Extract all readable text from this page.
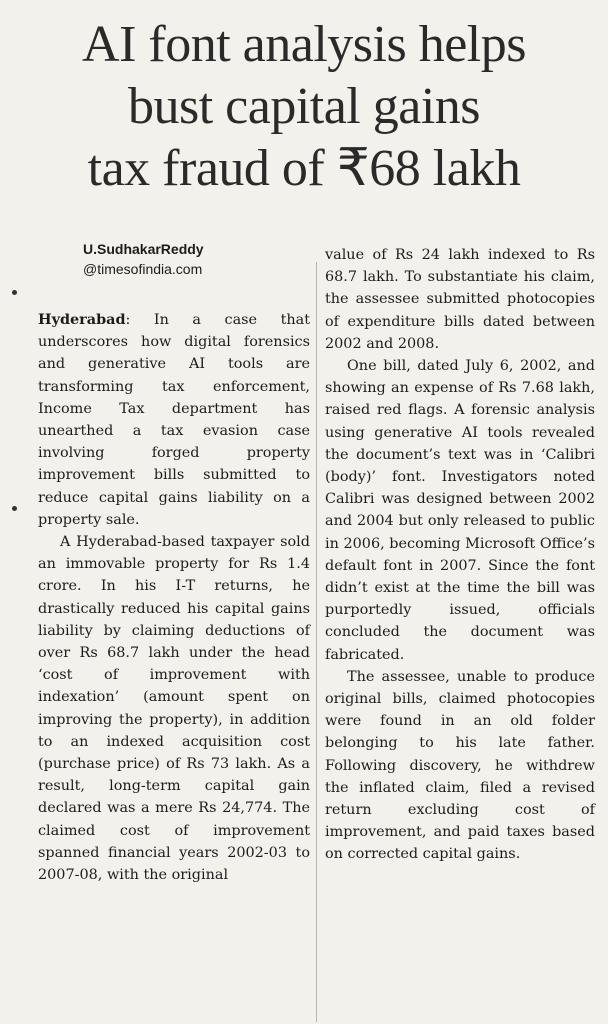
AI font analysis helps
bust capital gains
tax fraud of ₹68 lakh
U.SudhakarReddy
@timesofindia.com

Hyderabad: In a case that underscores how digital forensics and generative AI tools are transforming tax enforcement, Income Tax department has unearthed a tax evasion case involving forged property improvement bills submitted to reduce capital gains liability on a property sale.

A Hyderabad-based taxpayer sold an immovable property for Rs 1.4 crore. In his I-T returns, he drastically reduced his capital gains liability by claiming deductions of over Rs 68.7 lakh under the head ‘cost of improvement with indexation’ (amount spent on improving the property), in addition to an indexed acquisition cost (purchase price) of Rs 73 lakh. As a result, long-term capital gain declared was a mere Rs 24,774. The claimed cost of improvement spanned financial years 2002-03 to 2007-08, with the original

value of Rs 24 lakh indexed to Rs 68.7 lakh. To substantiate his claim, the assessee submitted photocopies of expenditure bills dated between 2002 and 2008.

One bill, dated July 6, 2002, and showing an expense of Rs 7.68 lakh, raised red flags. A forensic analysis using generative AI tools revealed the document’s text was in ‘Calibri (body)’ font. Investigators noted Calibri was designed between 2002 and 2004 but only released to public in 2006, becoming Microsoft Office’s default font in 2007. Since the font didn’t exist at the time the bill was purportedly issued, officials concluded the document was fabricated.

The assessee, unable to produce original bills, claimed photocopies were found in an old folder belonging to his late father. Following discovery, he withdrew the inflated claim, filed a revised return excluding cost of improvement, and paid taxes based on corrected capital gains.
